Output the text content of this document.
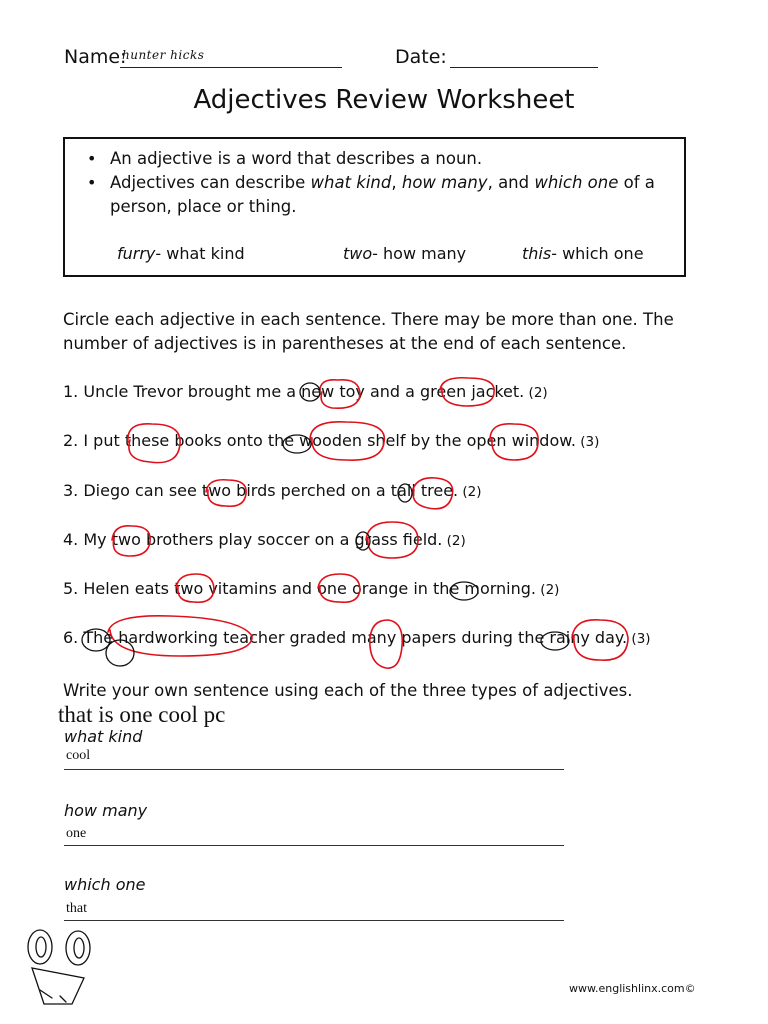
Name:
hunter hicks	Date:
Adjectives Review Worksheet
• An adjective is a word that describes a noun.
• Adjectives can describe what kind, how many, and which one of a
person, place or thing.
furry- what kind	two- how many	this- which one
Circle each adjective in each sentence. There may be more than one. The
number of adjectives is in parentheses at the end of each sentence.
1. Uncle Trevor brought me a new toy and a green jacket. (2)
2. I put these books onto the wooden shelf by the open window. (3)
3. Diego can see two birds perched on a tall tree. (2)
4. My two brothers play soccer on a grass field. (2)
5. Helen eats two vitamins and one orange in the morning. (2)
6. The hardworking teacher graded many papers during the rainy day. (3)
Write your own sentence using each of the three types of adjectives.
that is one cool pc
what kind
cool
how many
one
which one
that
www.englishlinx.com©
